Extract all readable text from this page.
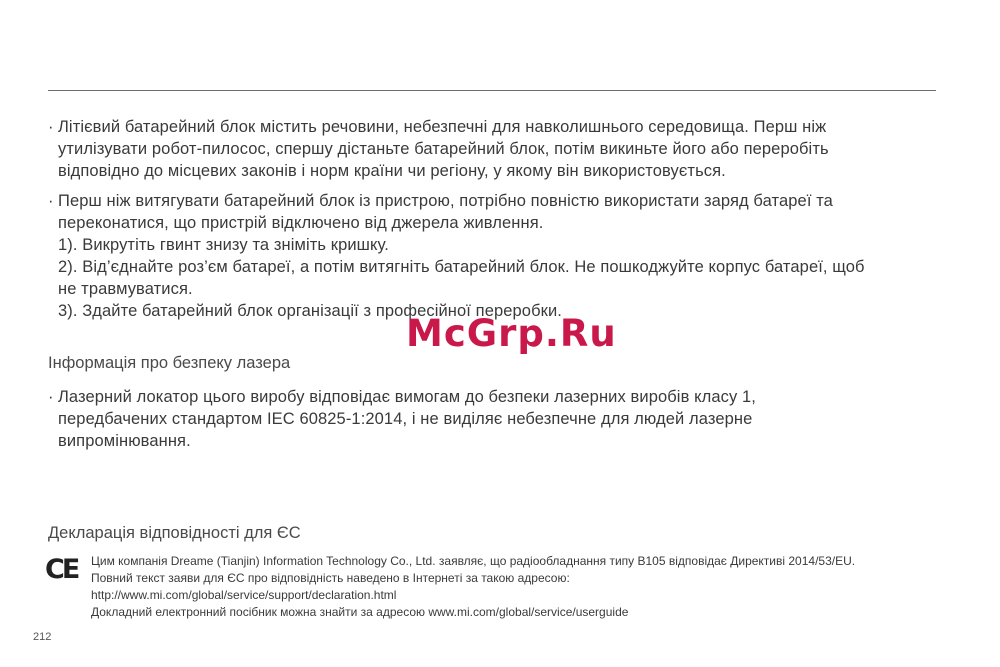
· Літієвий батарейний блок містить речовини, небезпечні для навколишнього середовища. Перш ніж
утилізувати робот-пилосос, спершу дістаньте батарейний блок, потім викиньте його або переробіть
відповідно до місцевих законів і норм країни чи регіону, у якому він використовується.
· Перш ніж витягувати батарейний блок із пристрою, потрібно повністю використати заряд батареї та
переконатися, що пристрій відключено від джерела живлення.
1). Викрутіть гвинт знизу та зніміть кришку.
2). Від’єднайте роз’єм батареї, а потім витягніть батарейний блок. Не пошкоджуйте корпус батареї, щоб
не травмуватися.
3). Здайте батарейний блок організації з професійної переробки.
Інформація про безпеку лазера
· Лазерний локатор цього виробу відповідає вимогам до безпеки лазерних виробів класу 1,
передбачених стандартом IEC 60825-1:2014, і не виділяє небезпечне для людей лазерне
випромінювання.
McGrp.Ru
Декларація відповідності для ЄС
CE Цим компанія Dreame (Tianjin) Information Technology Co., Ltd. заявляє, що радіообладнання типу B105 відповідає Директиві 2014/53/EU.
Повний текст заяви для ЄС про відповідність наведено в Інтернеті за такою адресою:
http://www.mi.com/global/service/support/declaration.html
Докладний електронний посібник можна знайти за адресою www.mi.com/global/service/userguide
212
